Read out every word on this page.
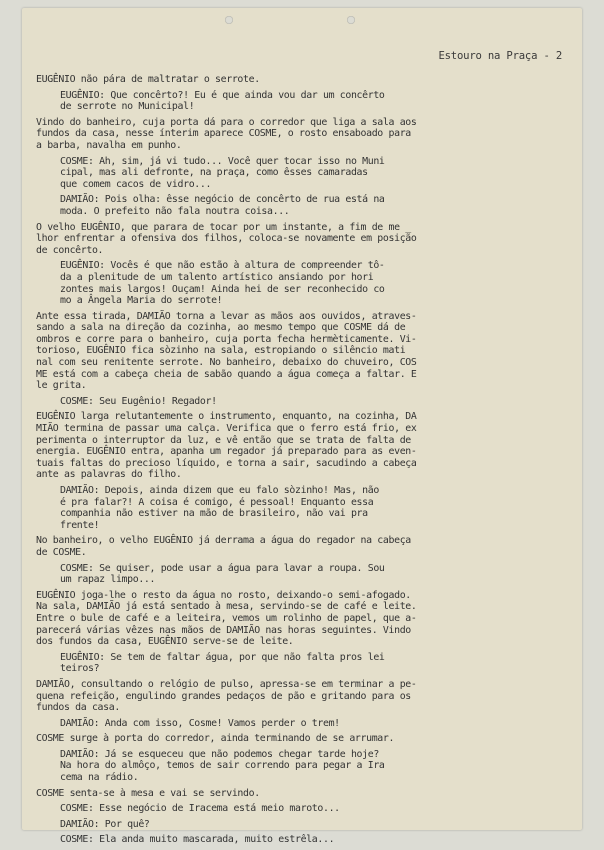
Estouro na Praça - 2
EUGÊNIO não pára de maltratar o serrote.
EUGÊNIO: Que concêrto?! Eu é que ainda vou dar um concêrto
de serrote no Municipal!
Vindo do banheiro, cuja porta dá para o corredor que liga a sala aos
fundos da casa, nesse ínterim aparece COSME, o rosto ensaboado para
a barba, navalha em punho.
COSME: Ah, sim, já vi tudo... Você quer tocar isso no Muni
cipal, mas ali defronte, na praça, como êsses camaradas
que comem cacos de vidro...
DAMIÃO: Pois olha: êsse negócio de concêrto de rua está na
moda. O prefeito não fala noutra coisa...
O velho EUGÊNIO, que parara de tocar por um instante, a fim de me _
lhor enfrentar a ofensiva dos filhos, coloca-se novamente em posição
de concêrto.
EUGÊNIO: Vocês é que não estão à altura de compreender tô-
da a plenitude de um talento artístico ansiando por hori
zontes mais largos! Ouçam! Ainda hei de ser reconhecido co
mo a Ângela Maria do serrote!
Ante essa tirada, DAMIÃO torna a levar as mãos aos ouvidos, atraves-
sando a sala na direção da cozinha, ao mesmo tempo que COSME dá de
ombros e corre para o banheiro, cuja porta fecha hermèticamente. Vi-
torioso, EUGÊNIO fica sòzinho na sala, estropiando o silêncio mati
nal com seu renitente serrote. No banheiro, debaixo do chuveiro, COS
ME está com a cabeça cheia de sabão quando a água começa a faltar. E
le grita.
COSME: Seu Eugênio! Regador!
EUGÊNIO larga relutantemente o instrumento, enquanto, na cozinha, DA
MIÃO termina de passar uma calça. Verifica que o ferro está frio, ex
perimenta o interruptor da luz, e vê então que se trata de falta de
energia. EUGÊNIO entra, apanha um regador já preparado para as even-
tuais faltas do precioso líquido, e torna a sair, sacudindo a cabeça
ante as palavras do filho.
DAMIÃO: Depois, ainda dizem que eu falo sòzinho! Mas, não
é pra falar?! A coisa é comigo, é pessoal! Enquanto essa
companhia não estiver na mão de brasileiro, não vai pra
frente!
No banheiro, o velho EUGÊNIO já derrama a água do regador na cabeça
de COSME.
COSME: Se quiser, pode usar a água para lavar a roupa. Sou
um rapaz limpo...
EUGÊNIO joga-lhe o resto da água no rosto, deixando-o semi-afogado.
Na sala, DAMIÃO já está sentado à mesa, servindo-se de café e leite.
Entre o bule de café e a leiteira, vemos um rolinho de papel, que a-
parecerá várias vêzes nas mãos de DAMIÃO nas horas seguintes. Vindo
dos fundos da casa, EUGÊNIO serve-se de leite.
EUGÊNIO: Se tem de faltar água, por que não falta pros lei
teiros?
DAMIÃO, consultando o relógio de pulso, apressa-se em terminar a pe-
quena refeição, engulindo grandes pedaços de pão e gritando para os
fundos da casa.
DAMIÃO: Anda com isso, Cosme! Vamos perder o trem!
COSME surge à porta do corredor, ainda terminando de se arrumar.
DAMIÃO: Já se esqueceu que não podemos chegar tarde hoje?
Na hora do almôço, temos de sair correndo para pegar a Ira
cema na rádio.
COSME senta-se à mesa e vai se servindo.
COSME: Esse negócio de Iracema está meio maroto...
DAMIÃO: Por quê?
COSME: Ela anda muito mascarada, muito estrêla...
